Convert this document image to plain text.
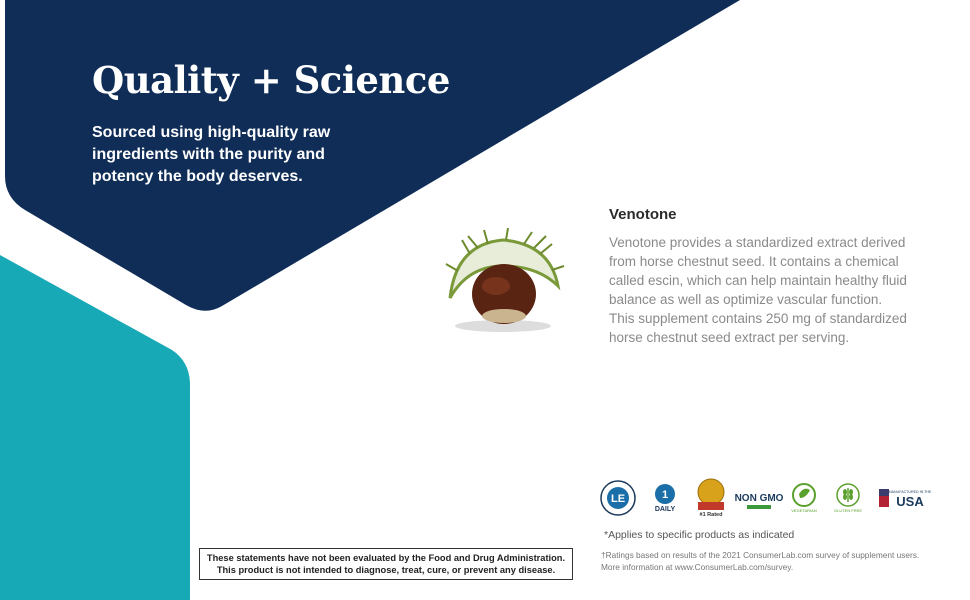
Quality + Science

Sourced using high-quality raw ingredients with the purity and potency the body deserves.

Venotone

Venotone provides a standardized extract derived from horse chestnut seed. It contains a chemical called escin, which can help maintain healthy fluid balance as well as optimize vascular function. This supplement contains 250 mg of standardized horse chestnut seed extract per serving.

LE	1
DAILY
#1 Rated
NON GMO
VEGETARIAN	GLUTEN FREE
MANUFACTURED IN THE
USA

*Applies to specific products as indicated

†Ratings based on results of the 2021 ConsumerLab.com survey of supplement users. More information at www.ConsumerLab.com/survey.

These statements have not been evaluated by the Food and Drug Administration.
This product is not intended to diagnose, treat, cure, or prevent any disease.
